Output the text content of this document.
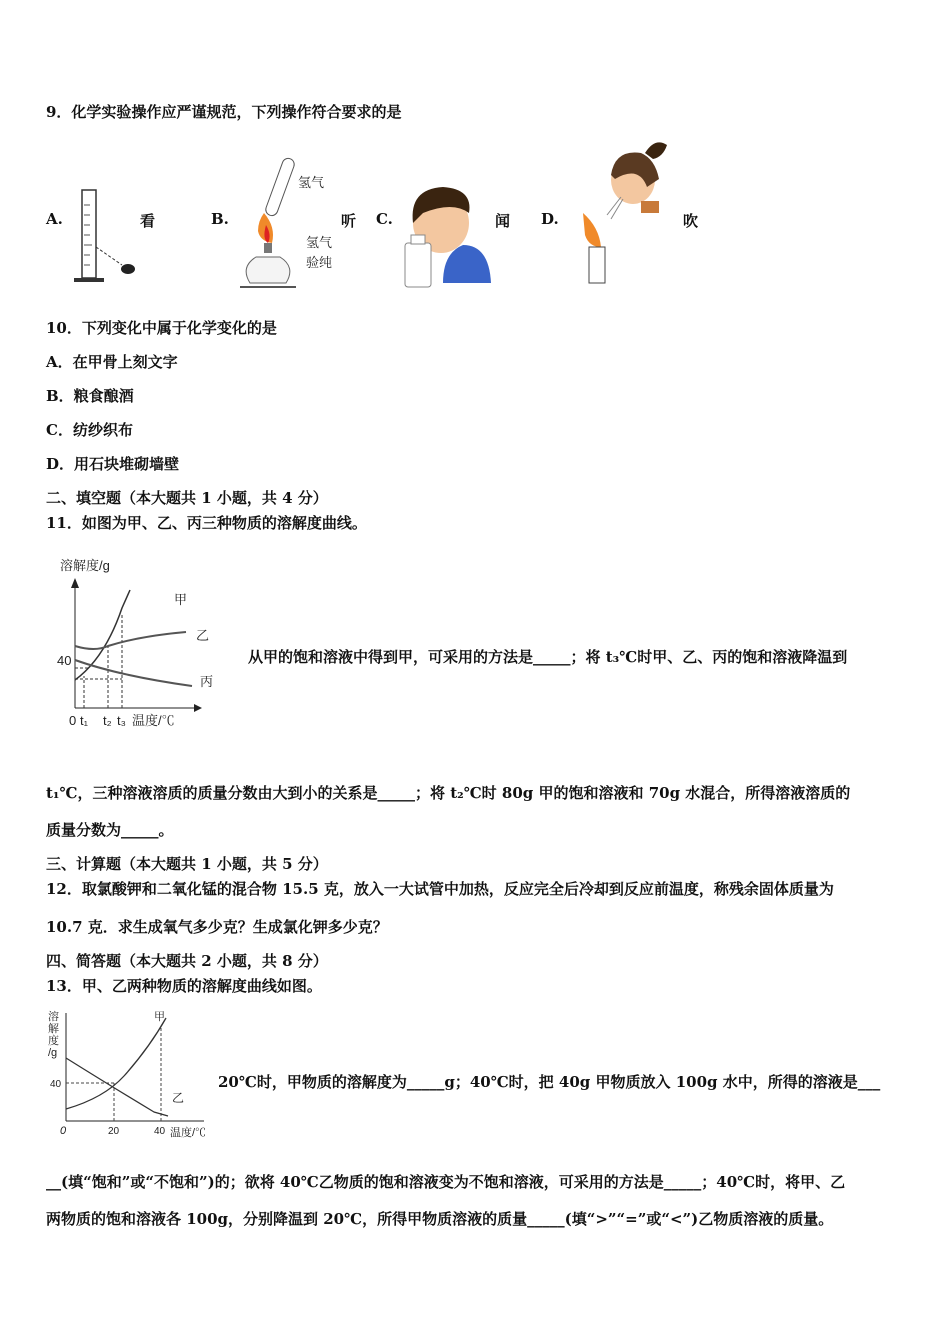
9．化学实验操作应严谨规范，下列操作符合要求的是
A.	看	B.
氢气
氢气
验纯
听 C.	闻 D.	吹
10．下列变化中属于化学变化的是
A．在甲骨上刻文字
B．粮食酿酒
C．纺纱织布
D．用石块堆砌墙壁
二、填空题（本大题共 1 小题，共 4 分）
11．如图为甲、乙、丙三种物质的溶解度曲线。
溶解度/g
甲
乙
丙
40
0 t₁ t₂ t₃ 温度/℃
从甲的饱和溶液中得到甲，可采用的方法是_____；将 t₃℃时甲、乙、丙的饱和溶液降温到
t₁℃，三种溶液溶质的质量分数由大到小的关系是_____；将 t₂℃时 80g 甲的饱和溶液和 70g 水混合，所得溶液溶质的
质量分数为_____。
三、计算题（本大题共 1 小题，共 5 分）
12．取氯酸钾和二氧化锰的混合物 15.5 克，放入一大试管中加热，反应完全后冷却到反应前温度，称残余固体质量为
10.7 克．求生成氧气多少克？生成氯化钾多少克？
四、简答题（本大题共 2 小题，共 8 分）
13．甲、乙两种物质的溶解度曲线如图。
溶
解
度
/g
甲
乙
40
0	20	40 温度/℃
20℃时，甲物质的溶解度为_____g；40℃时，把 40g 甲物质放入 100g 水中，所得的溶液是___
__(填“饱和”或“不饱和”)的；欲将 40℃乙物质的饱和溶液变为不饱和溶液，可采用的方法是_____；40℃时，将甲、乙
两物质的饱和溶液各 100g，分别降温到 20℃，所得甲物质溶液的质量_____(填“>”“=”或“<”)乙物质溶液的质量。
